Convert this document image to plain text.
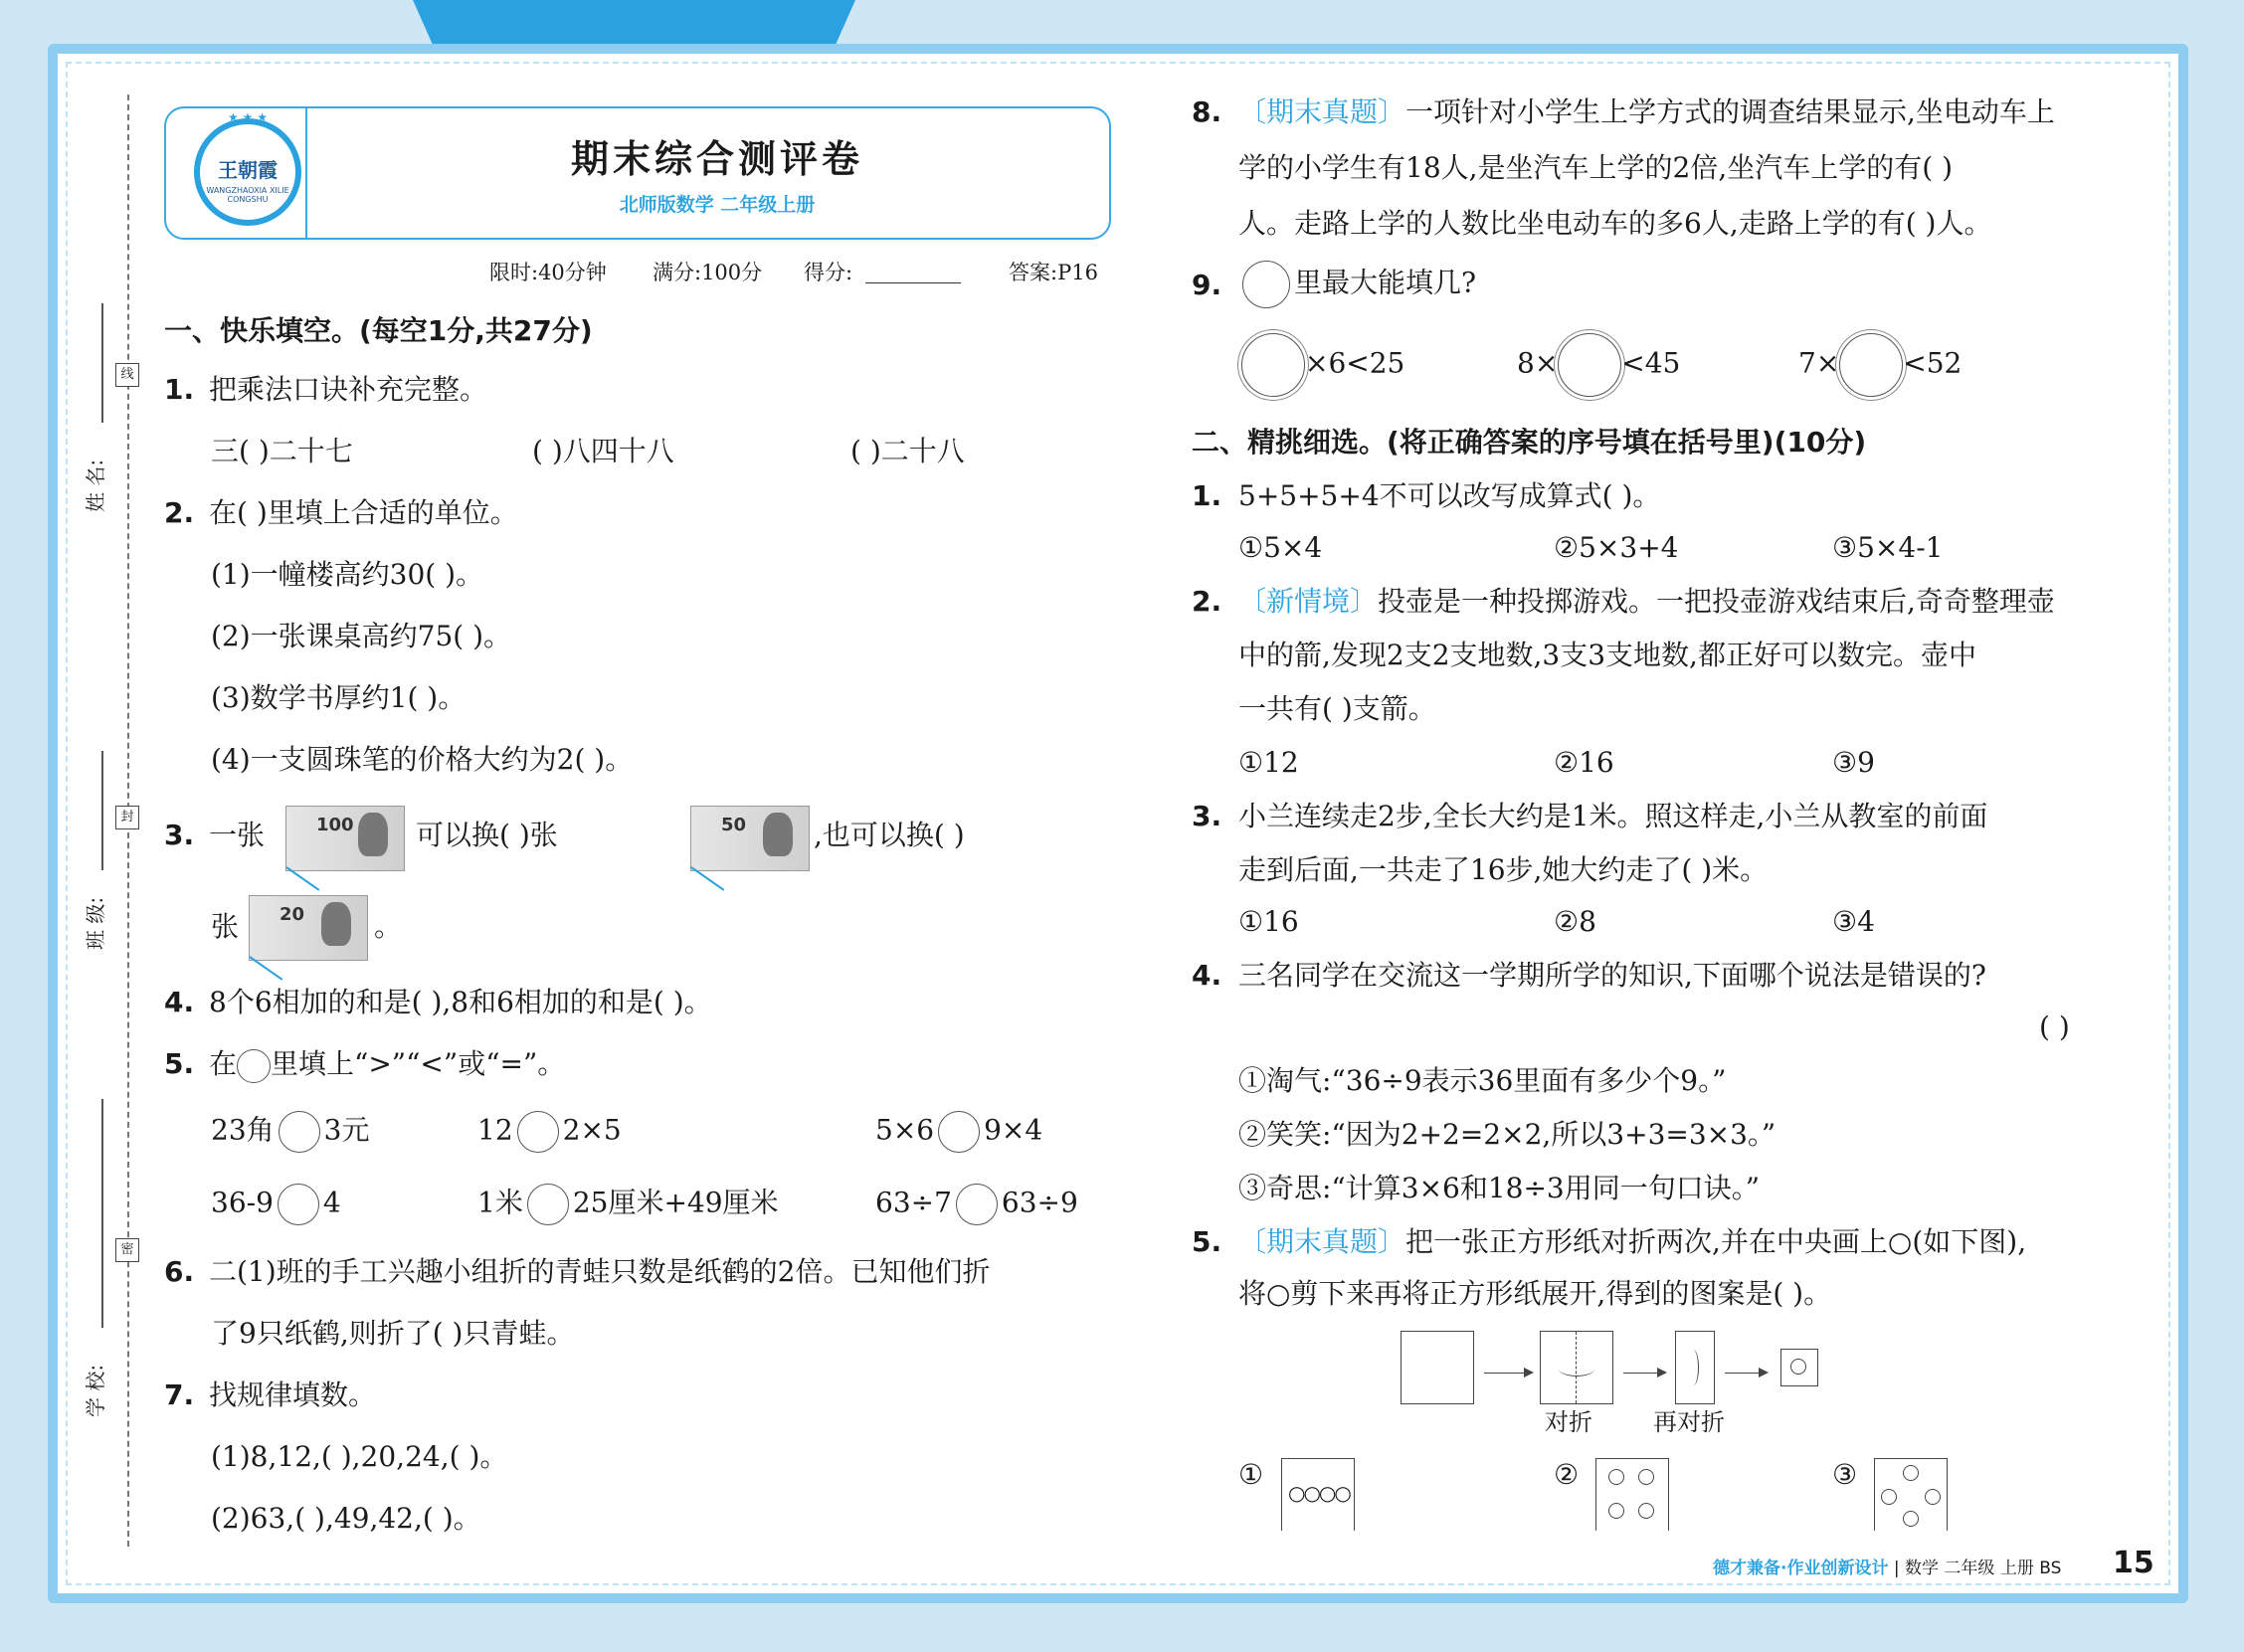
姓 名:
线
班 级:
封
学 校:
密
★ ★ ★
王朝霞
WANGZHAOXIA XILIE CONGSHU
期末综合测评卷
北师版数学 二年级上册
限时:40分钟 满分:100分 得分:	答案:P16
一、快乐填空。(每空1分,共27分)
1. 把乘法口诀补充完整。
三( )二十七	( )八四十八	( )二十八
2. 在( )里填上合适的单位。
(1)一幢楼高约30( )。
(2)一张课桌高约75( )。
(3)数学书厚约1( )。
(4)一支圆珠笔的价格大约为2( )。
3. 一张	100 可以换( )张	50 ,也可以换( )
张 20 。
4. 8个6相加的和是( ),8和6相加的和是( )。
5. 在 里填上“>”“<”或“=”。
23角 3元	12 2×5	5×6 9×4
36-9 4	1米 25厘米+49厘米	63÷7 63÷9
6. 二(1)班的手工兴趣小组折的青蛙只数是纸鹤的2倍。已知他们折
了9只纸鹤,则折了( )只青蛙。
7. 找规律填数。
(1)8,12,( ),20,24,( )。
(2)63,( ),49,42,( )。
8. 〔期末真题〕一项针对小学生上学方式的调查结果显示,坐电动车上
学的小学生有18人,是坐汽车上学的2倍,坐汽车上学的有( )
人。走路上学的人数比坐电动车的多6人,走路上学的有( )人。
9.	里最大能填几?
×6<25	8× <45	7× <52
二、精挑细选。(将正确答案的序号填在括号里)(10分)
1. 5+5+5+4不可以改写成算式( )。
①5×4	②5×3+4	③5×4-1
2. 〔新情境〕投壶是一种投掷游戏。一把投壶游戏结束后,奇奇整理壶
中的箭,发现2支2支地数,3支3支地数,都正好可以数完。壶中
一共有( )支箭。
①12	②16	③9
3. 小兰连续走2步,全长大约是1米。照这样走,小兰从教室的前面
走到后面,一共走了16步,她大约走了( )米。
①16	②8	③4
4. 三名同学在交流这一学期所学的知识,下面哪个说法是错误的?
( )
①淘气:“36÷9表示36里面有多少个9。”
②笑笑:“因为2+2=2×2,所以3+3=3×3。”
③奇思:“计算3×6和18÷3用同一句口诀。”
5. 〔期末真题〕把一张正方形纸对折两次,并在中央画上○(如下图),
将○剪下来再将正方形纸展开,得到的图案是( )。
对折	再对折
①
○○○○
②	③
德才兼备·作业创新设计 | 数学 二年级 上册 BS 15
